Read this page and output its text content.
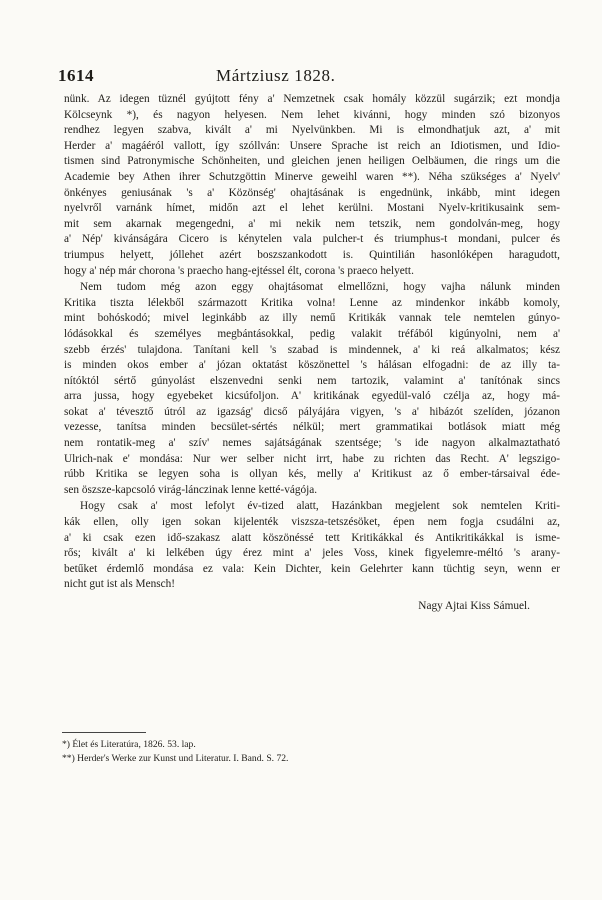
1614	Mártziusz 1828.
nünk. Az idegen tüznél gyújtott fény a' Nemzetnek csak homály közzül sugárzik; ezt mondja
Kölcseynk *), és nagyon helyesen. Nem lehet kivánni, hogy minden szó bizonyos
rendhez legyen szabva, kivált a' mi Nyelvünkben. Mi is elmondhatjuk azt, a' mit
Herder a' magáéról vallott, így szóllván: Unsere Sprache ist reich an Idiotismen, und Idio-
tismen sind Patronymische Schönheiten, und gleichen jenen heiligen Oelbäumen, die rings um die
Academie bey Athen ihrer Schutzgöttin Minerve geweihl waren **). Néha szükséges a' Nyelv'
önkényes geniusának 's a' Közönség' ohajtásának is engednünk, inkább, mint idegen
nyelvről varnánk hímet, midőn azt el lehet kerülni. Mostani Nyelv-kritikusaink sem-
mit sem akarnak megengedni, a' mi nekik nem tetszik, nem gondolván-meg, hogy
a' Nép' kivánságára Cicero is kénytelen vala pulcher-t és triumphus-t mondani, pulcer és
triumpus helyett, jóllehet azért boszszankodott is. Quintilián hasonlóképen haragudott,
hogy a' nép már chorona 's praecho hang-ejtéssel élt, corona 's praeco helyett.
Nem tudom még azon eggy ohajtásomat elmellőzni, hogy vajha nálunk minden
Kritika tiszta lélekből származott Kritika volna! Lenne az mindenkor inkább komoly,
mint bohóskodó; mivel leginkább az illy nemű Kritikák vannak tele nemtelen gúnyo-
lódásokkal és személyes megbántásokkal, pedig valakit tréfából kigúnyolni, nem a'
szebb érzés' tulajdona. Tanítani kell 's szabad is mindennek, a' ki reá alkalmatos; kész
is minden okos ember a' józan oktatást köszönettel 's hálásan elfogadni: de az illy ta-
nítóktól sértő gúnyolást elszenvedni senki nem tartozik, valamint a' tanítónak sincs
arra jussa, hogy egyebeket kicsúfoljon. A' kritikának egyedül-való czélja az, hogy má-
sokat a' tévesztő útról az igazság' dicső pályájára vigyen, 's a' hibázót szelíden, józanon
vezesse, tanítsa minden becsület-sértés nélkül; mert grammatikai botlások miatt még
nem rontatik-meg a' szív' nemes sajátságának szentsége; 's ide nagyon alkalmaztatható
Ulrich-nak e' mondása: Nur wer selber nicht irrt, habe zu richten das Recht. A' legszigo-
rúbb Kritika se legyen soha is ollyan kés, melly a' Kritikust az ő ember-társaival éde-
sen öszsze-kapcsoló virág-lánczinak lenne ketté-vágója.
Hogy csak a' most lefolyt év-tized alatt, Hazánkban megjelent sok nemtelen Kriti-
kák ellen, olly igen sokan kijelenték viszsza-tetszésöket, épen nem fogja csudálni az,
a' ki csak ezen idő-szakasz alatt köszönéssé tett Kritikákkal és Antikritikákkal is isme-
rős; kivált a' ki lelkében úgy érez mint a' jeles Voss, kinek figyelemre-méltó 's arany-
betűket érdemlő mondása ez vala: Kein Dichter, kein Gelehrter kann tüchtig seyn, wenn er
nicht gut ist als Mensch!
Nagy Ajtai Kiss Sámuel.
*) Élet és Literatúra, 1826. 53. lap.
**) Herder's Werke zur Kunst und Literatur. I. Band. S. 72.
